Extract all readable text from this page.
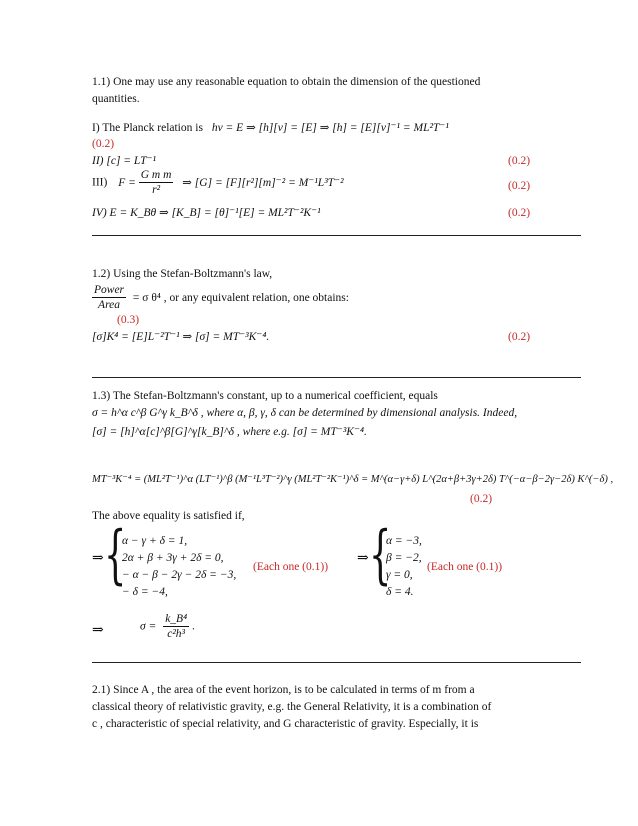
1.1) One may use any reasonable equation to obtain the dimension of the questioned
quantities.
I) The Planck relation is hν = E ⇒ [h][ν] = [E] ⇒ [h] = [E][ν]⁻¹ = ML²T⁻¹
(0.2)
II) [c] = LT⁻¹	(0.2)
III) $F = \frac{\text{G m m}}{\text{r²}}$ ⇒ [G] = [F][r²][m]⁻² = M⁻¹L³T⁻²	(0.2)
IV) E = K_Bθ ⇒ [K_B] = [θ]⁻¹[E] = ML²T⁻²K⁻¹	(0.2)
1.2) Using the Stefan-Boltzmann's law,
$\frac{\text{Power}}{\text{Area}} = \sigma$ θ⁴ , or any equivalent relation, one obtains:
(0.3)
[σ]K⁴ = [E]L⁻²T⁻¹ ⇒ [σ] = MT⁻³K⁻⁴.	(0.2)
1.3) The Stefan-Boltzmann's constant, up to a numerical coefficient, equals
σ = h^α c^β G^γ k_B^δ , where α, β, γ, δ can be determined by dimensional analysis. Indeed,
[σ] = [h]^α[c]^β[G]^γ[k_B]^δ , where e.g. [σ] = MT⁻³K⁻⁴.
MT⁻³K⁻⁴ = (ML²T⁻¹)^α (LT⁻¹)^β (M⁻¹L³T⁻²)^γ (ML²T⁻²K⁻¹)^δ = M^(α−γ+δ) L^(2α+β+3γ+2δ) T^(−α−β−2γ−2δ) K^(−δ) ,
(0.2)
The above equality is satisfied if,
⇒ {
α − γ + δ = 1,
2α + β + 3γ + 2δ = 0,
− α − β − 2γ − 2δ = −3,
− δ = −4,
(Each one (0.1))
⇒ {
α = −3,
β = −2,
γ = 0,
δ = 4.
(Each one (0.1))
⇒	$\sigma = \frac{\text{k\_B⁴}}{\text{c²h³}}$ .
2.1) Since A , the area of the event horizon, is to be calculated in terms of m from a
classical theory of relativistic gravity, e.g. the General Relativity, it is a combination of
c , characteristic of special relativity, and G characteristic of gravity. Especially, it is
